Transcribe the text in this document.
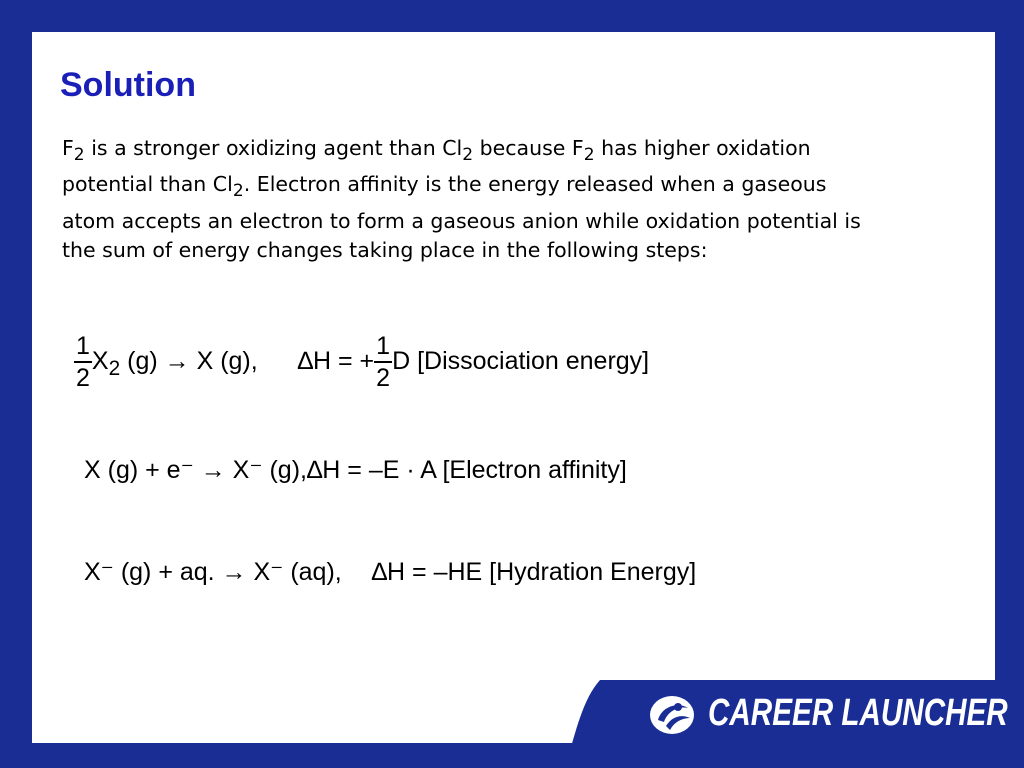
Solution
$F_2$ is a stronger oxidizing agent than $Cl_2$ because $F_2$ has higher oxidation potential than $Cl_2$. Electron affinity is the energy released when a gaseous atom accepts an electron to form a gaseous anion while oxidation potential is the sum of energy changes taking place in the following steps:
$\frac{1}{2} X_2$ (g) → X (g), ∆H = + $\frac{1}{2}$ D [Dissociation energy]
X (g) + e⁻ → X⁻ (g),∆H = –E · A [Electron affinity]
X⁻ (g) + aq. → X⁻ (aq), ∆H = –HE [Hydration Energy]
CAREER LAUNCHER
